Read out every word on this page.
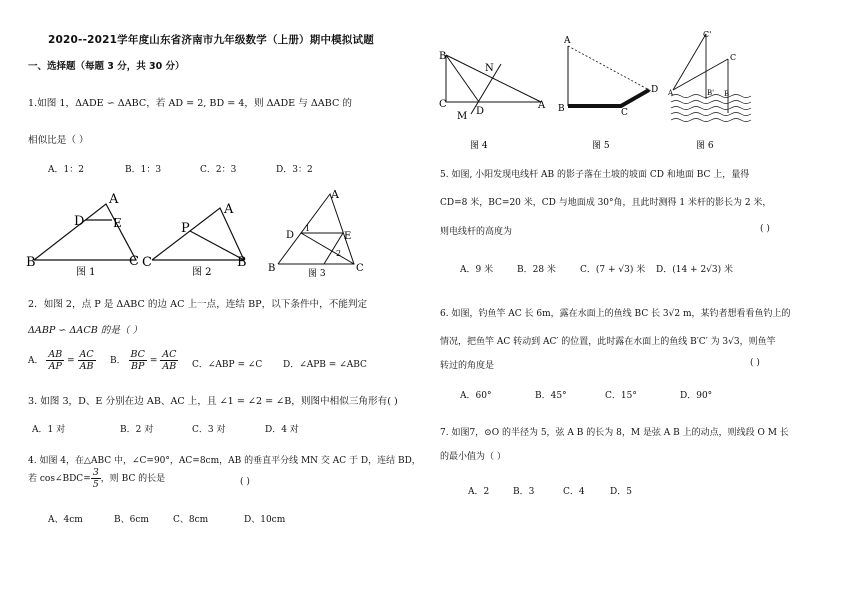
2020--2021学年度山东省济南市九年级数学（上册）期中模拟试题
一、选择题（每题 3 分，共 30 分）
1.如图 1，ΔADE ∽ ΔABC，若 AD = 2, BD = 4，则 ΔADE 与 ΔABC 的
相似比是（ ）
A．1：2	B．1：3	C．2：3	D．3：2
A
D E
B	C
图 1
A
P
C	B
图 2
A
D	E
B	C
1
2
图 3
2．如图 2，点 P 是 ΔABC 的边 AC 上一点，连结 BP，以下条件中，不能判定
ΔABP ∽ ΔACB 的是（ ）
A． $\frac{AB}{AP} = \frac{AC}{AB}$ B． $\frac{BC}{BP} = \frac{AC}{AB}$ C．∠ABP = ∠C D．∠APB = ∠ABC
3. 如图 3，D、E 分别在边 AB、AC 上，且 ∠1 = ∠2 = ∠B，则图中相似三角形有( )
A．1 对	B．2 对	C．3 对	D．4 对
4. 如图 4，在△ABC 中，∠C=90°，AC=8cm，AB 的垂直平分线 MN 交 AC 于 D，连结 BD，
若 cos∠BDC= $\frac{3}{5}$ ，则 BC 的长是	( )
A、4cm	B、6cm	C、8cm	D、10cm
B
N
C
D
A
M
图 4
A
B	C
D
图 5
C'
C
A	B' B
图 6
5. 如图, 小阳发现电线杆 AB 的影子落在土坡的坡面 CD 和地面 BC 上，量得
CD=8 米，BC=20 米，CD 与地面成 30°角，且此时测得 1 米杆的影长为 2 米，
则电线杆的高度为	( )
A．9 米	B．28 米	C．(7 + √3) 米 D．(14 + 2√3) 米
6. 如图，钓鱼竿 AC 长 6m，露在水面上的鱼线 BC 长 3√2 m，某钓者想看看鱼钓上的
情况，把鱼竿 AC 转动到 AC′ 的位置，此时露在水面上的鱼线 B′C′ 为 3√3，则鱼竿
转过的角度是	( )
A．60°	B．45°	C．15°	D．90°
7. 如图7，⊙O 的半径为 5，弦 A B 的长为 8，M 是弦 A B 上的动点，则线段 O M 长
的最小值为（ ）
A．2	B．3	C．4	D．5
